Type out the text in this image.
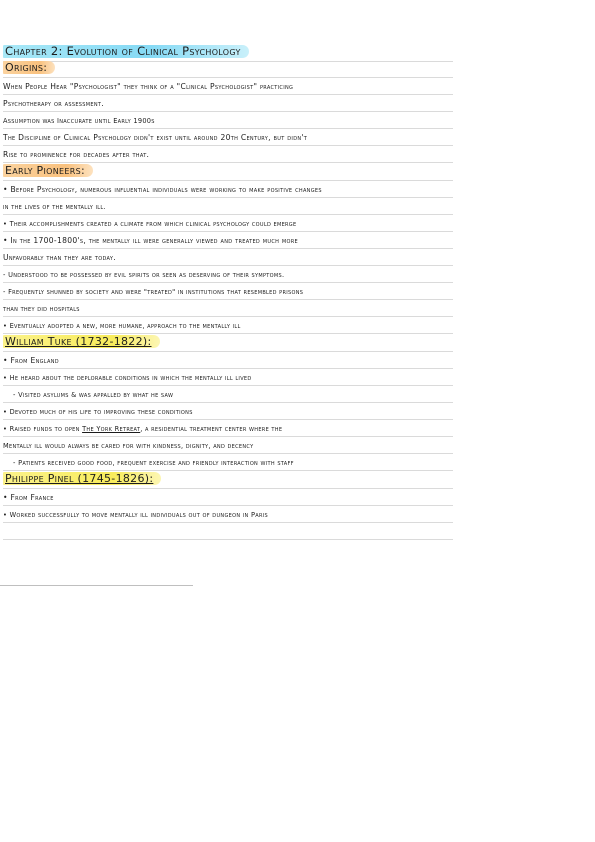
Chapter 2: Evolution of Clinical Psychology
Origins:
When People Hear "Psychologist" they think of a "Clinical Psychologist" practicing
Psychotherapy or assessment.
Assumption was Inaccurate until Early 1900s
The Discipline of Clinical Psychology didn't exist until around 20th Century, but didn't
Rise to prominence for decades after that.
Early Pioneers:
• Before Psychology, numerous influential individuals were working to make positive changes
in the lives of the mentally ill.
• Their accomplishments created a climate from which clinical psychology could emerge
• In the 1700-1800's, the mentally ill were generally viewed and treated much more
Unfavorably than they are today.
- Understood to be possessed by evil spirits or seen as deserving of their symptoms.
- Frequently shunned by society and were "treated" in institutions that resembled prisons
than they did hospitals
• Eventually adopted a new, more humane, approach to the mentally ill
William Tuke (1732-1822):
• From England
• He heard about the deplorable conditions in which the mentally ill lived
- Visited asylums & was appalled by what he saw
• Devoted much of his life to improving these conditions
• Raised funds to open The York Retreat, a residential treatment center where the
Mentally ill would always be cared for with kindness, dignity, and decency
- Patients received good food, frequent exercise and friendly interaction with staff
Philippe Pinel (1745-1826):
• From France
• Worked successfully to move mentally ill individuals out of dungeon in Paris
